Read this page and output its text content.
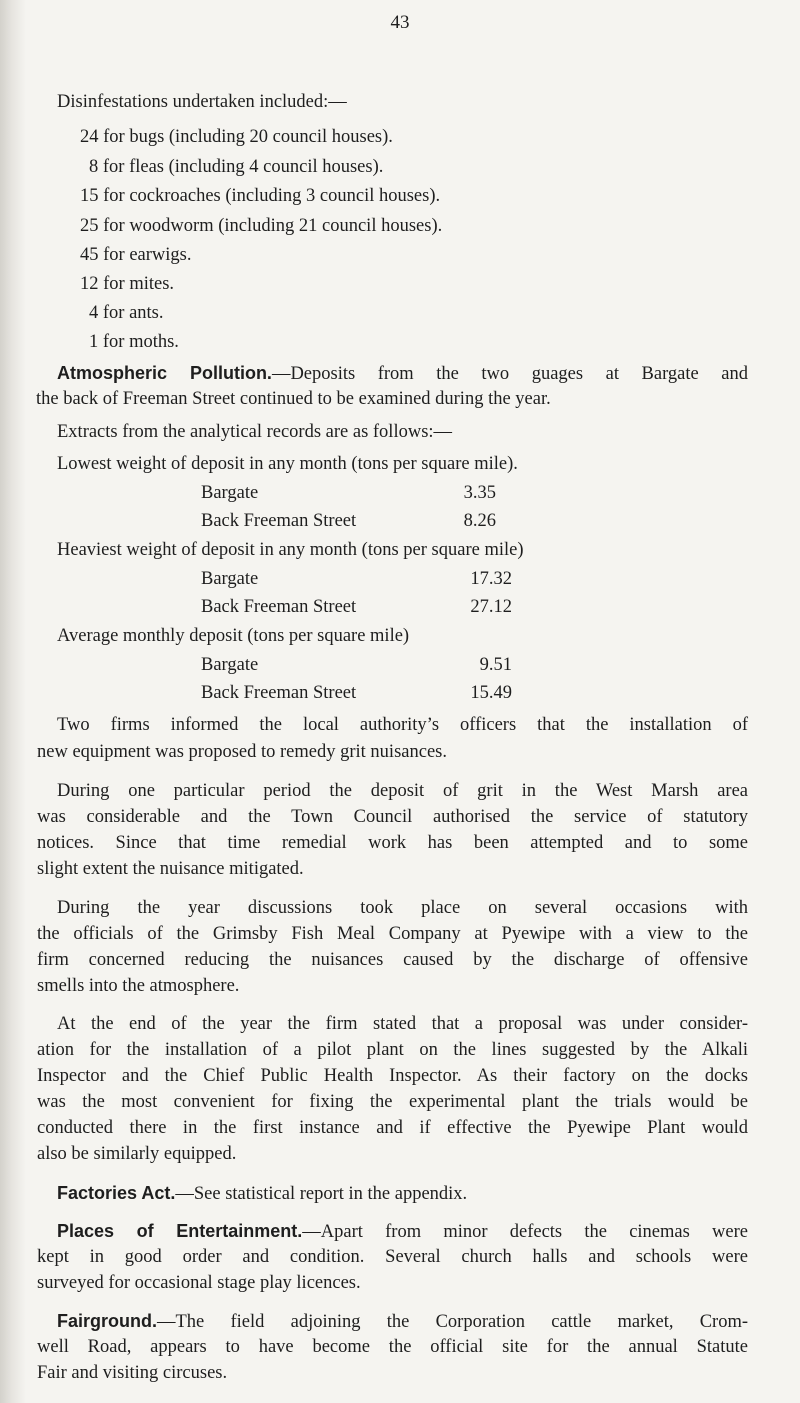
43
Disinfestations undertaken included:—
24 for bugs (including 20 council houses).
8 for fleas (including 4 council houses).
15 for cockroaches (including 3 council houses).
25 for woodworm (including 21 council houses).
45 for earwigs.
12 for mites.
4 for ants.
1 for moths.
Atmospheric Pollution.—Deposits from the two guages at Bargate and
the back of Freeman Street continued to be examined during the year.
Extracts from the analytical records are as follows:—
Lowest weight of deposit in any month (tons per square mile).
Bargate	3.35
Back Freeman Street	8.26
Heaviest weight of deposit in any month (tons per square mile)
Bargate	17.32
Back Freeman Street	27.12
Average monthly deposit (tons per square mile)
Bargate	9.51
Back Freeman Street	15.49
Two firms informed the local authority’s officers that the installation of
new equipment was proposed to remedy grit nuisances.
During one particular period the deposit of grit in the West Marsh area
was considerable and the Town Council authorised the service of statutory
notices. Since that time remedial work has been attempted and to some
slight extent the nuisance mitigated.
During the year discussions took place on several occasions with
the officials of the Grimsby Fish Meal Company at Pyewipe with a view to the
firm concerned reducing the nuisances caused by the discharge of offensive
smells into the atmosphere.
At the end of the year the firm stated that a proposal was under consider-
ation for the installation of a pilot plant on the lines suggested by the Alkali
Inspector and the Chief Public Health Inspector. As their factory on the docks
was the most convenient for fixing the experimental plant the trials would be
conducted there in the first instance and if effective the Pyewipe Plant would
also be similarly equipped.
Factories Act.—See statistical report in the appendix.
Places of Entertainment.—Apart from minor defects the cinemas were
kept in good order and condition. Several church halls and schools were
surveyed for occasional stage play licences.
Fairground.—The field adjoining the Corporation cattle market, Crom-
well Road, appears to have become the official site for the annual Statute
Fair and visiting circuses.
